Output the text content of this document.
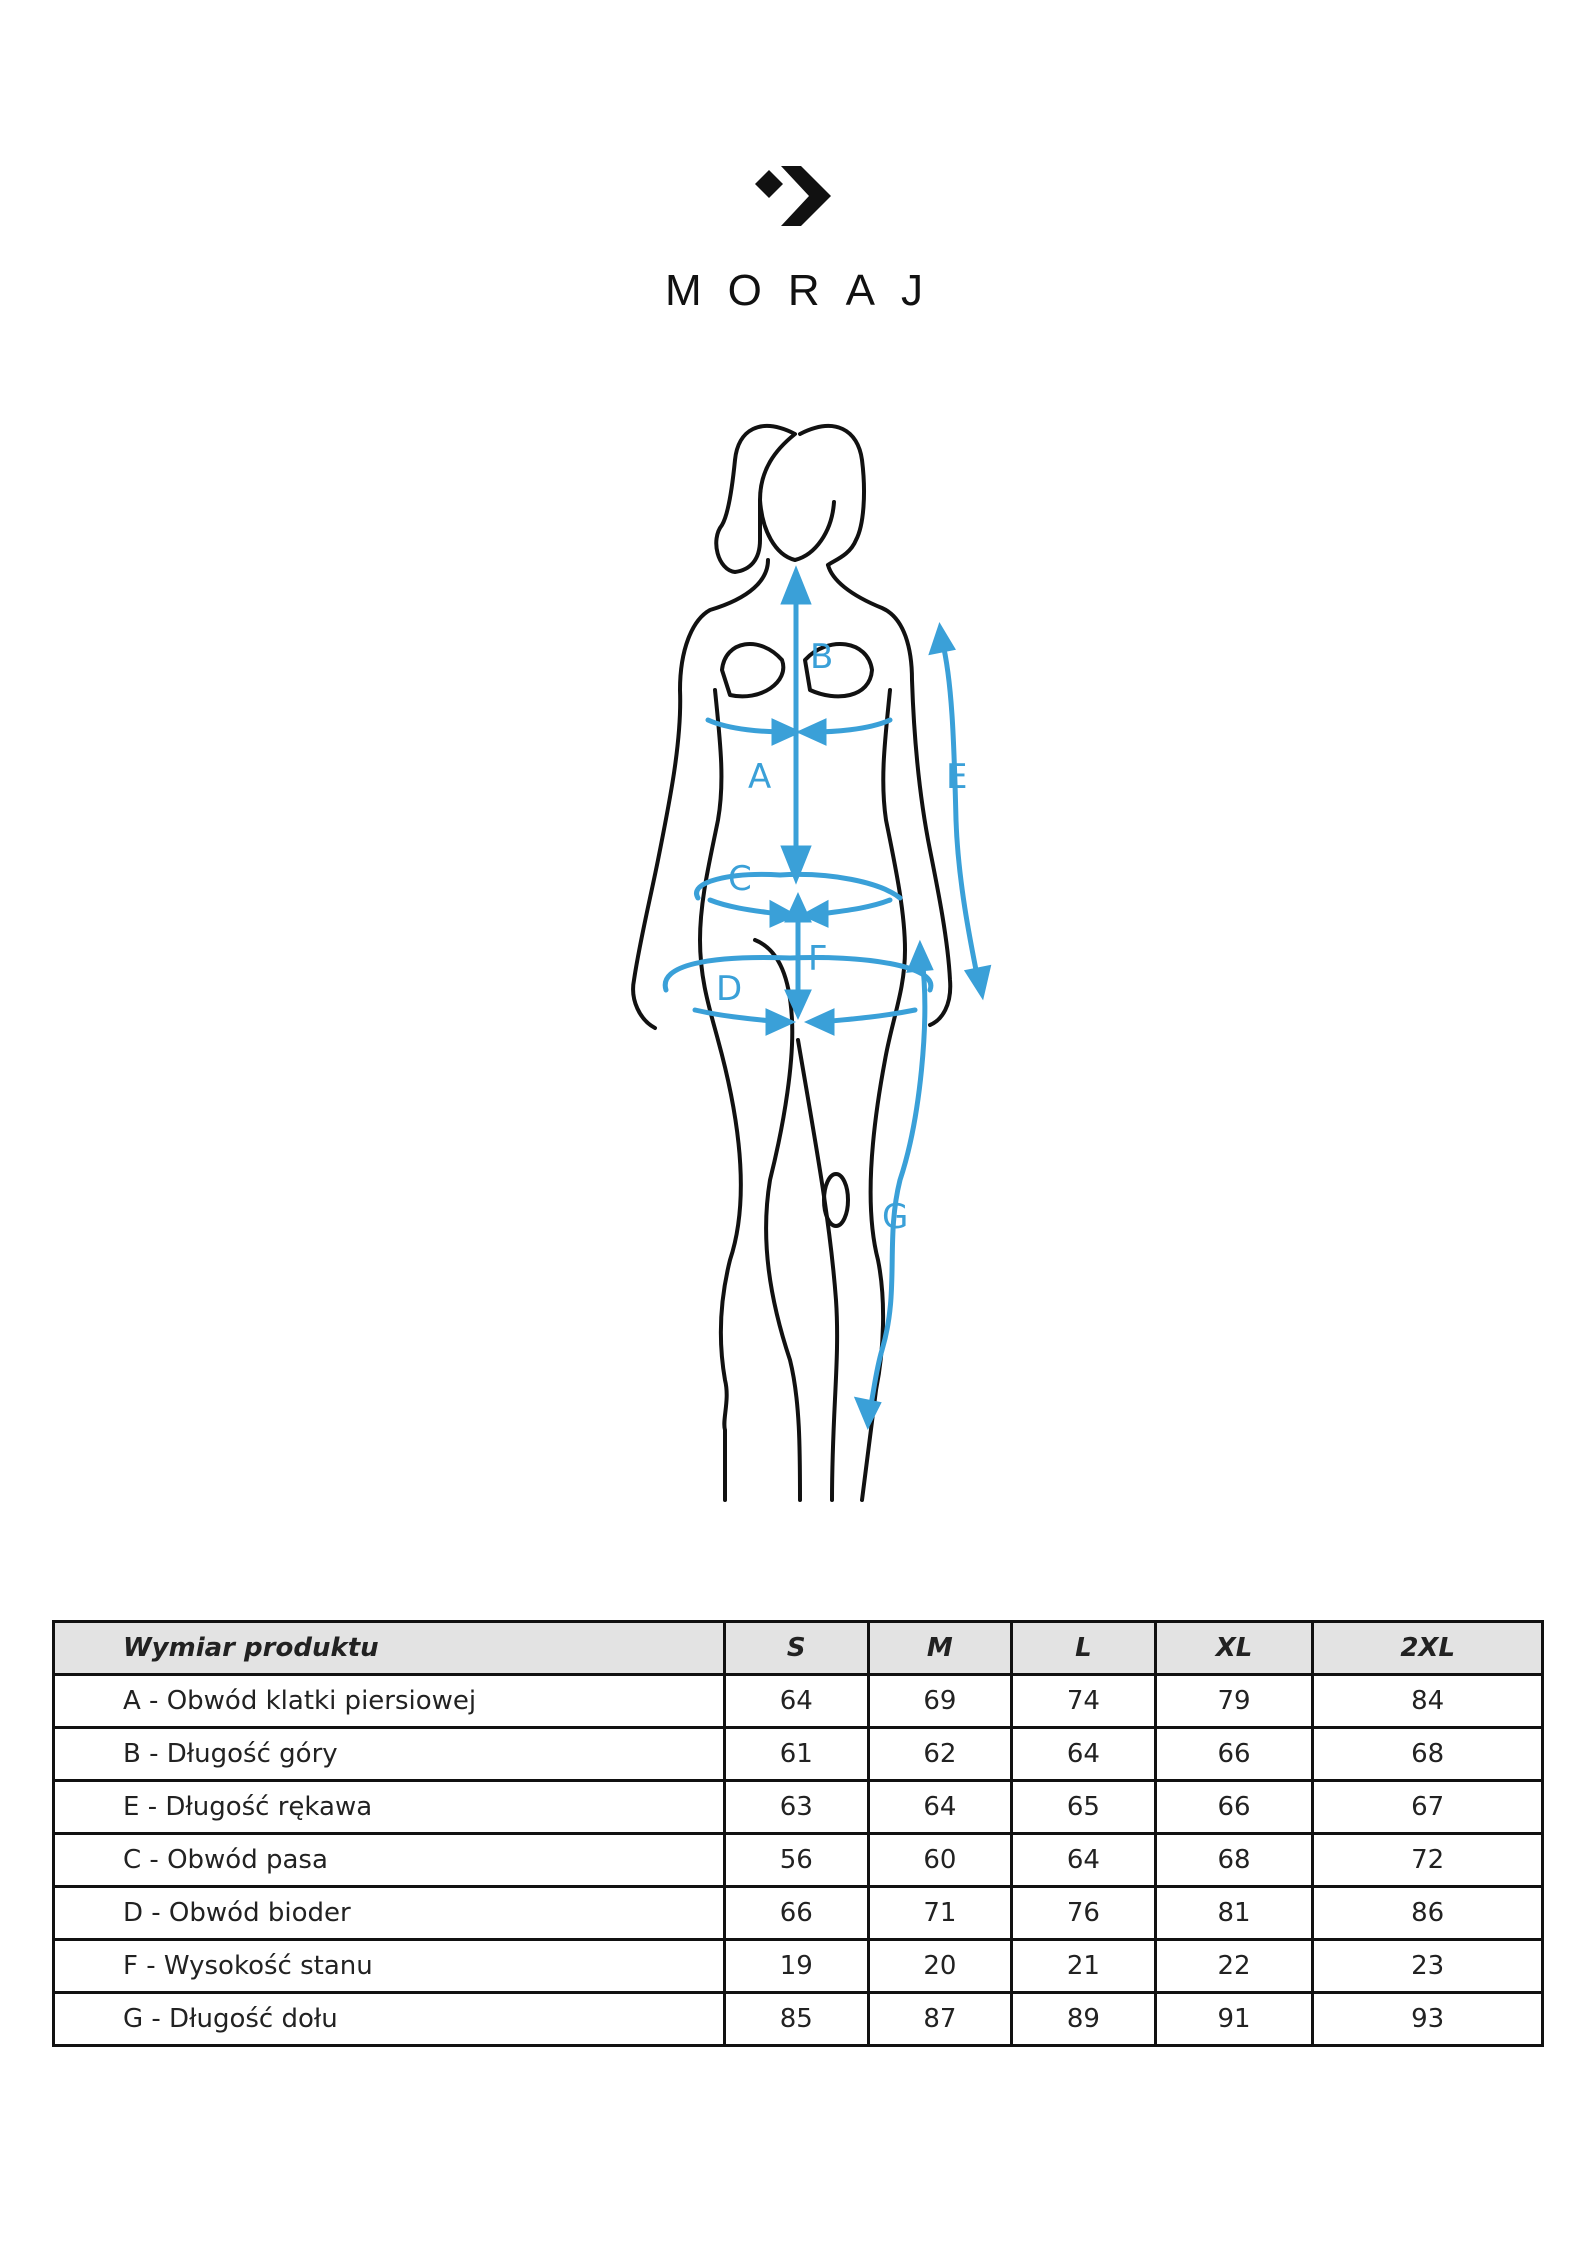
MORAJ
B
A	E
C
F
D
G
Wymiar produktu	S	M	L	XL	2XL
A - Obwód klatki piersiowej	64	69	74	79	84
B - Długość góry	61	62	64	66	68
E - Długość rękawa	63	64	65	66	67
C - Obwód pasa	56	60	64	68	72
D - Obwód bioder	66	71	76	81	86
F - Wysokość stanu	19	20	21	22	23
G - Długość dołu	85	87	89	91	93
